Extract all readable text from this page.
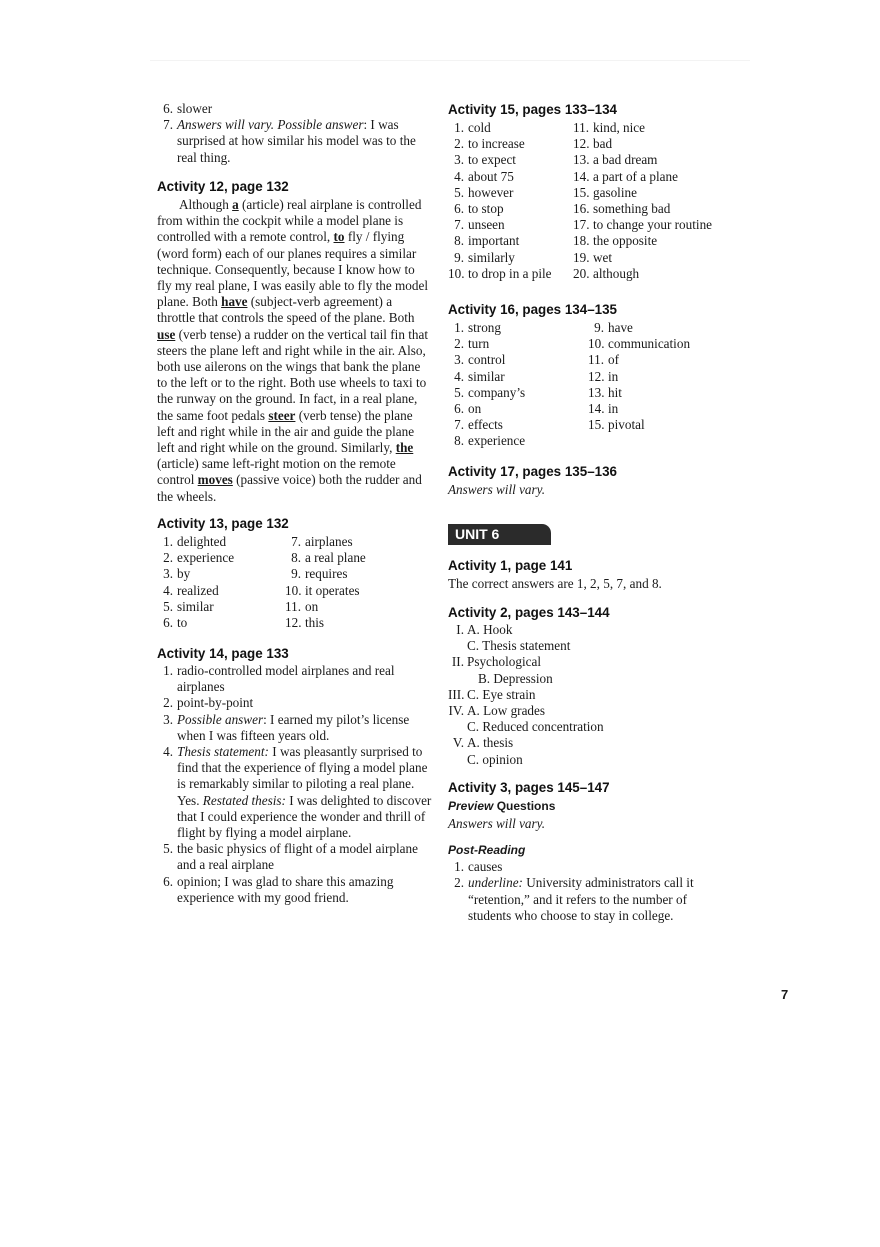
6. slower
7. Answers will vary. Possible answer: I was surprised at how similar his model was to the real thing.
Activity 12, page 132

Although a (article) real airplane is controlled from within the cockpit while a model plane is controlled with a remote control, to fly / flying (word form) each of our planes requires a similar technique. Consequently, because I know how to fly my real plane, I was easily able to fly the model plane. Both have (subject-verb agreement) a throttle that controls the speed of the plane. Both use (verb tense) a rudder on the vertical tail fin that steers the plane left and right while in the air. Also, both use ailerons on the wings that bank the plane to the left or to the right. Both use wheels to taxi to the runway on the ground. In fact, in a real plane, the same foot pedals steer (verb tense) the plane left and right while in the air and guide the plane left and right while on the ground. Similarly, the (article) same left-right motion on the remote control moves (passive voice) both the rudder and the wheels.

Activity 13, page 132
1. delighted
2. experience
3. by
4. realized
5. similar
6. to
7. airplanes
8. a real plane
9. requires
10. it operates
11. on
12. this
Activity 14, page 133
1. radio-controlled model airplanes and real airplanes
2. point-by-point
3. Possible answer: I earned my pilot’s license when I was fifteen years old.
4. Thesis statement: I was pleasantly surprised to find that the experience of flying a model plane is remarkably similar to piloting a real plane. Yes. Restated thesis: I was delighted to discover that I could experience the wonder and thrill of flight by flying a model airplane.
5. the basic physics of flight of a model airplane and a real airplane
6. opinion; I was glad to share this amazing experience with my good friend.
Activity 15, pages 133–134
1. cold
2. to increase
3. to expect
4. about 75
5. however
6. to stop
7. unseen
8. important
9. similarly
10. to drop in a pile
11. kind, nice
12. bad
13. a bad dream
14. a part of a plane
15. gasoline
16. something bad
17. to change your routine
18. the opposite
19. wet
20. although
Activity 16, pages 134–135
1. strong
2. turn
3. control
4. similar
5. company’s
6. on
7. effects
8. experience
9. have
10. communication
11. of
12. in
13. hit
14. in
15. pivotal
Activity 17, pages 135–136
Answers will vary.
UNIT 6
Activity 1, page 141
The correct answers are 1, 2, 5, 7, and 8.
Activity 2, pages 143–144
I. A. Hook
C. Thesis statement
II. Psychological
B. Depression
III. C. Eye strain
IV. A. Low grades
C. Reduced concentration
V. A. thesis
C. opinion
Activity 3, pages 145–147
Preview Questions
Answers will vary.
Post-Reading
1. causes
2. underline: University administrators call it “retention,” and it refers to the number of students who choose to stay in college.
7
